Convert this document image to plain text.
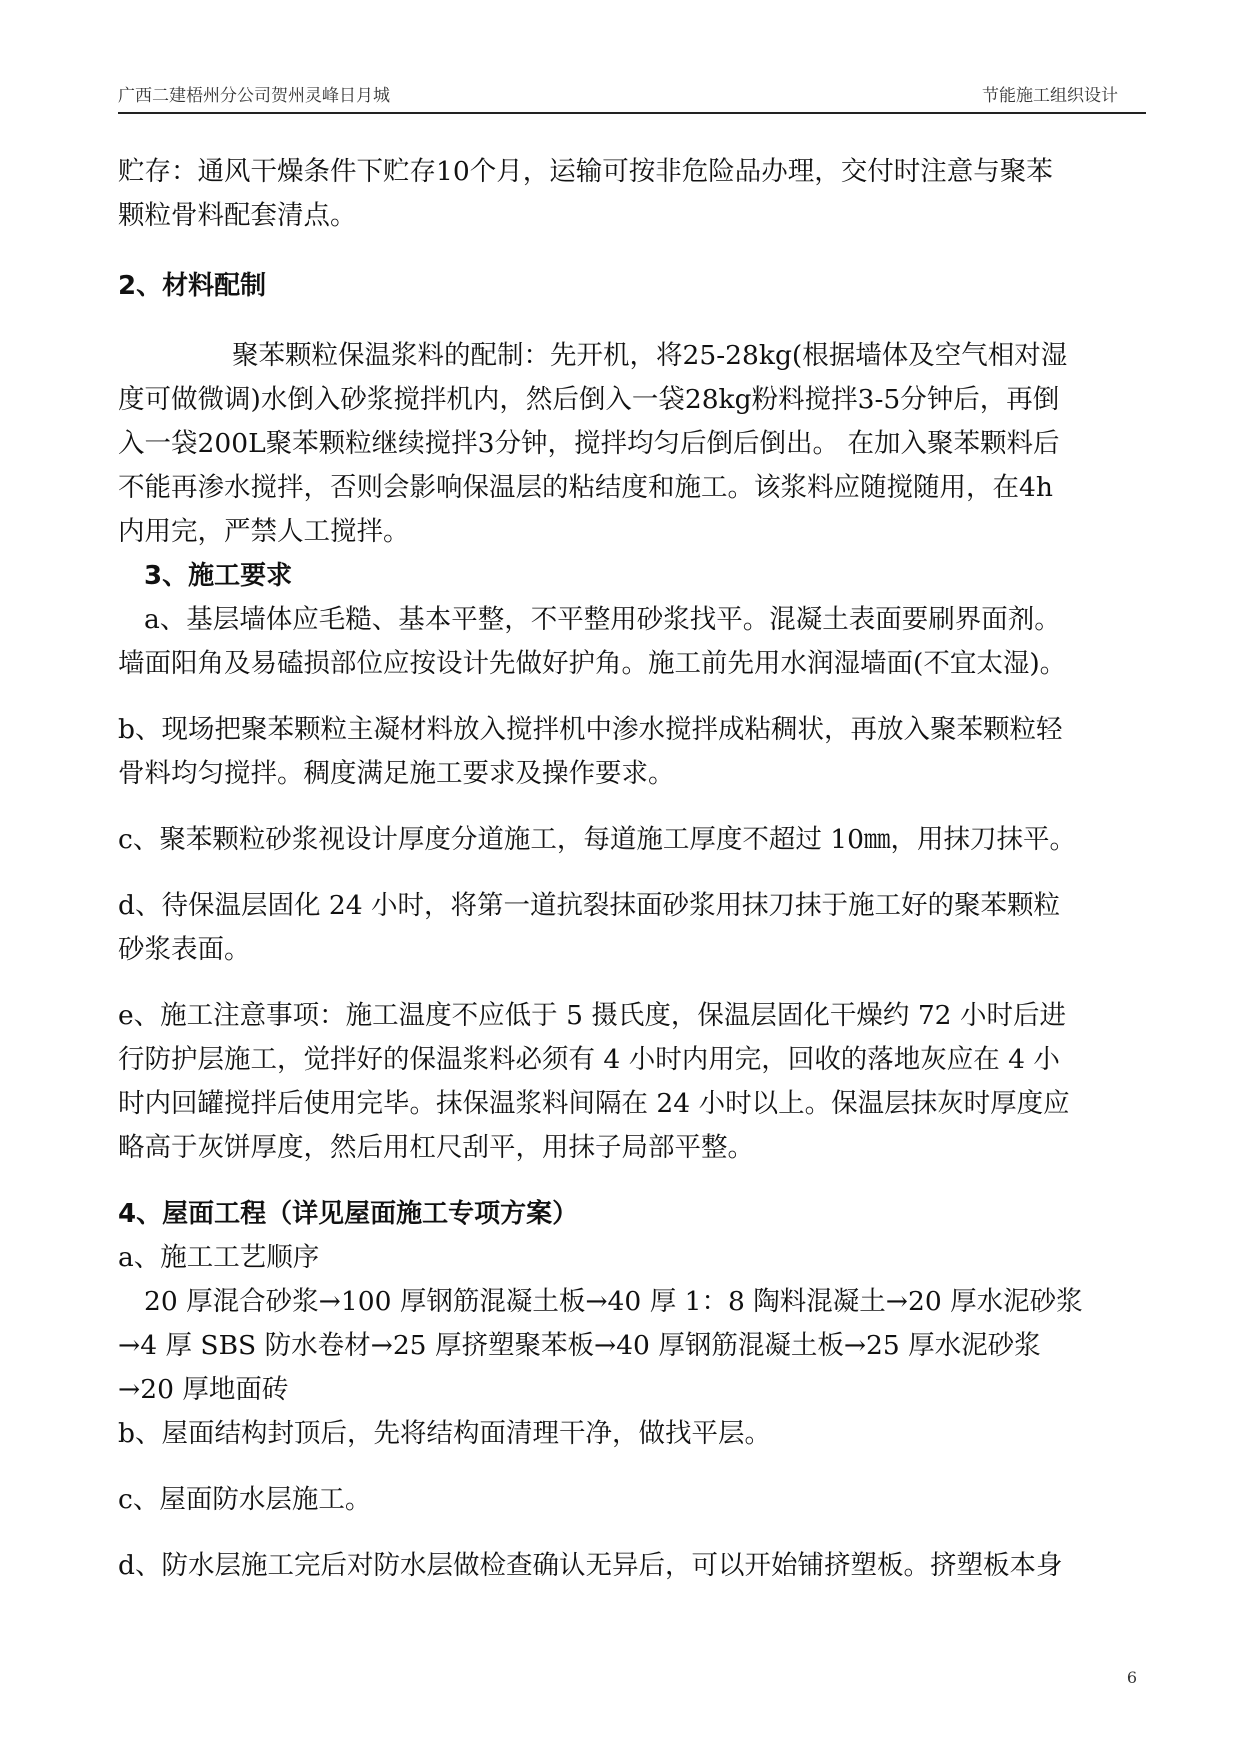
广西二建梧州分公司贺州灵峰日月城	节能施工组织设计

贮存：通风干燥条件下贮存10个月，运输可按非危险品办理，交付时注意与聚苯

颗粒骨料配套清点。

2、材料配制

聚苯颗粒保温浆料的配制：先开机，将25-28kg(根据墙体及空气相对湿

度可做微调)水倒入砂浆搅拌机内，然后倒入一袋28kg粉料搅拌3-5分钟后，再倒

入一袋200L聚苯颗粒继续搅拌3分钟，搅拌均匀后倒后倒出。 在加入聚苯颗料后

不能再渗水搅拌，否则会影响保温层的粘结度和施工。该浆料应随搅随用，在4h

内用完，严禁人工搅拌。

3、施工要求

a、基层墙体应毛糙、基本平整，不平整用砂浆找平。混凝土表面要刷界面剂。

墙面阳角及易磕损部位应按设计先做好护角。施工前先用水润湿墙面(不宜太湿)。

b、现场把聚苯颗粒主凝材料放入搅拌机中渗水搅拌成粘稠状，再放入聚苯颗粒轻

骨料均匀搅拌。稠度满足施工要求及操作要求。

c、聚苯颗粒砂浆视设计厚度分道施工，每道施工厚度不超过 10㎜，用抹刀抹平。

d、待保温层固化 24 小时，将第一道抗裂抹面砂浆用抹刀抹于施工好的聚苯颗粒

砂浆表面。

e、施工注意事项：施工温度不应低于 5 摄氏度，保温层固化干燥约 72 小时后进

行防护层施工，觉拌好的保温浆料必须有 4 小时内用完，回收的落地灰应在 4 小

时内回罐搅拌后使用完毕。抹保温浆料间隔在 24 小时以上。保温层抹灰时厚度应

略高于灰饼厚度，然后用杠尺刮平，用抹子局部平整。

4、屋面工程（详见屋面施工专项方案）

a、施工工艺顺序

20 厚混合砂浆→100 厚钢筋混凝土板→40 厚 1：8 陶料混凝土→20 厚水泥砂浆

→4 厚 SBS 防水卷材→25 厚挤塑聚苯板→40 厚钢筋混凝土板→25 厚水泥砂浆

→20 厚地面砖

b、屋面结构封顶后，先将结构面清理干净，做找平层。

c、屋面防水层施工。

d、防水层施工完后对防水层做检查确认无异后，可以开始铺挤塑板。挤塑板本身

6
